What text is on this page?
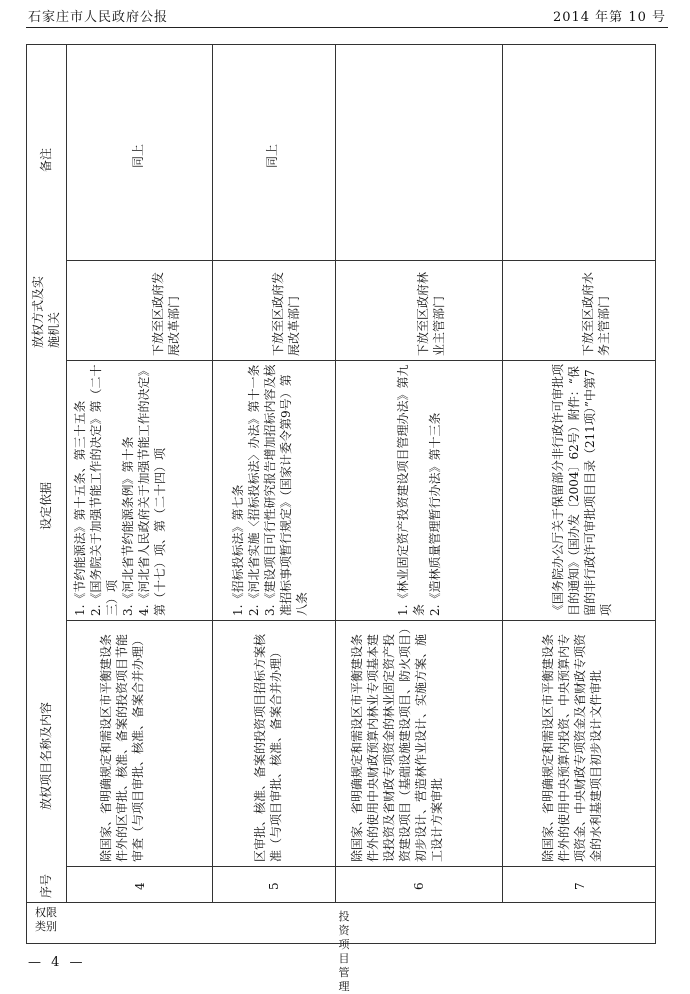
石家庄市人民政府公报	2014 年第 10 号
备注
放权方式及实施机关
设定依据
放权项目名称及内容
序号
权限类别
投资项目管理
同上
下放至区政府发展改革部门
1.《节约能源法》第十五条、第三十五条
2.《国务院关于加强节能工作的决定》第（二十三）项
3.《河北省节约能源条例》第十条
4.《河北省人民政府关于加强节能工作的决定》第（十七）项、第（二十四）项
除国家、省明确规定和需设区市平衡建设条件外的区审批、核准、备案的投资项目节能审查（与项目审批、核准、备案合并办理）
4
同上
下放至区政府发展改革部门
1.《招标投标法》第七条
2.《河北省实施〈招标投标法〉办法》第十一条
3.《建设项目可行性研究报告增加招标内容及核准招标事项暂行规定》（国家计委令第9号）第八条
区审批、核准、备案的投资项目招标方案核准（与项目审批、核准、备案合并办理）
5
下放至区政府林业主管部门
1.《林业固定资产投资建设项目管理办法》第九条
2.《造林质量管理暂行办法》第十三条
除国家、省明确规定和需设区市平衡建设条件外的使用中央财政预算内林业专项基本建设投资及省财政专项资金的林业固定资产投资建设项目（基础设施建设项目、防火项目）初步设计、营造林作业设计、实施方案、施工设计方案审批
6
下放至区政府水务主管部门
《国务院办公厅关于保留部分非行政许可审批项目的通知》（国办发〔2004〕62号）附件：“保留的非行政许可审批项目目录（211项）”中第7项
除国家、省明确规定和需设区市平衡建设条件外的使用中央预算内投资、中央预算内专项资金、中央财政专项资金及省财政专项资金的水利基建项目初步设计文件审批
7
— 4 —
